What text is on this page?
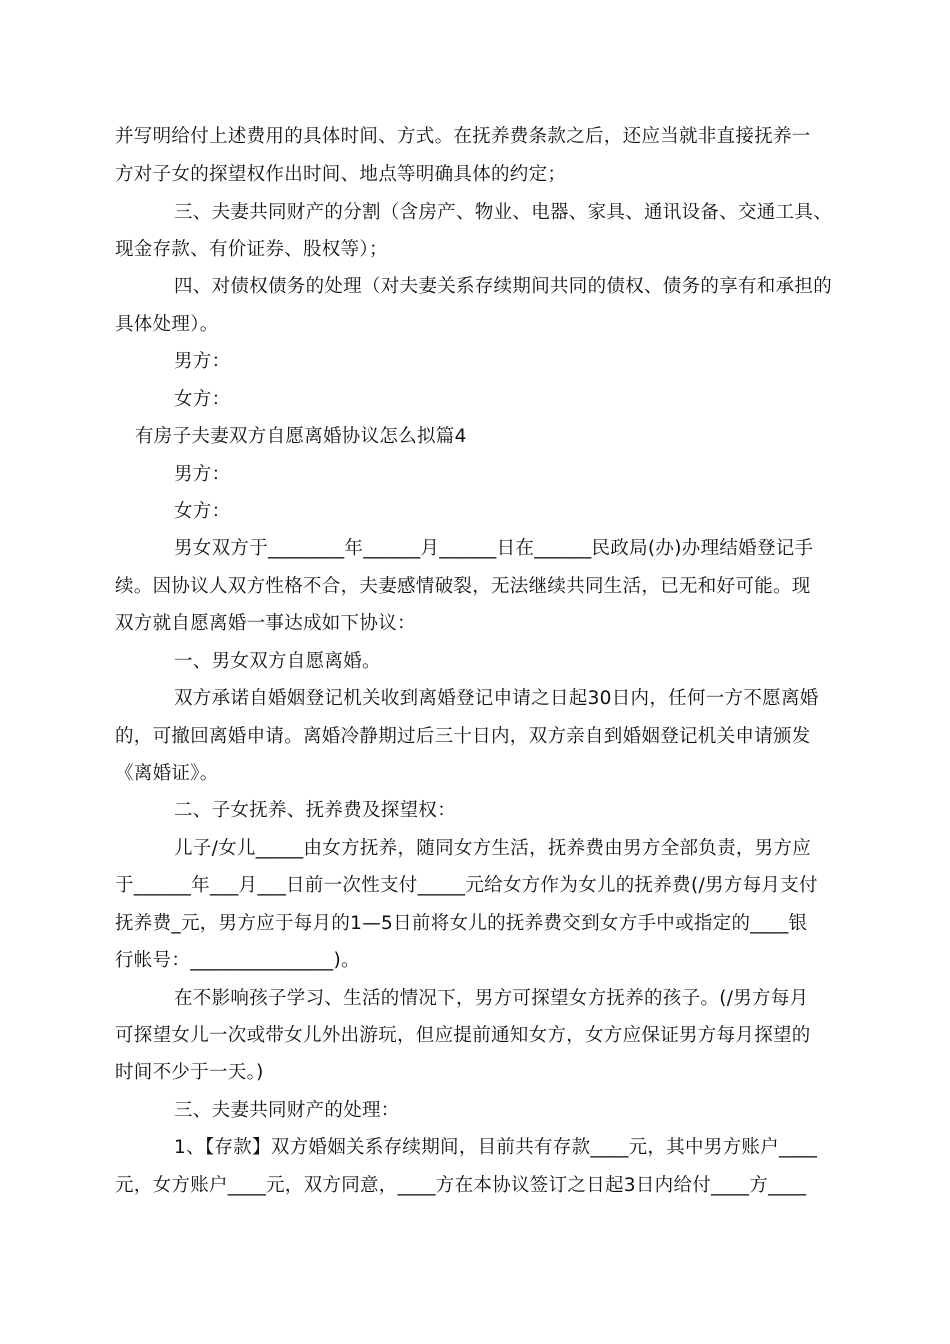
并写明给付上述费用的具体时间、方式。在抚养费条款之后，还应当就非直接抚养一
方对子女的探望权作出时间、地点等明确具体的约定；
三、夫妻共同财产的分割（含房产、物业、电器、家具、通讯设备、交通工具、
现金存款、有价证券、股权等）；
四、对债权债务的处理（对夫妻关系存续期间共同的债权、债务的享有和承担的
具体处理）。
男方：
女方：
有房子夫妻双方自愿离婚协议怎么拟篇4
男方：
女方：
男女双方于________年______月______日在______民政局(办)办理结婚登记手
续。因协议人双方性格不合，夫妻感情破裂，无法继续共同生活，已无和好可能。现
双方就自愿离婚一事达成如下协议：
一、男女双方自愿离婚。
双方承诺自婚姻登记机关收到离婚登记申请之日起30日内，任何一方不愿离婚
的，可撤回离婚申请。离婚冷静期过后三十日内，双方亲自到婚姻登记机关申请颁发
《离婚证》。
二、子女抚养、抚养费及探望权：
儿子/女儿_____由女方抚养，随同女方生活，抚养费由男方全部负责，男方应
于______年___月___日前一次性支付_____元给女方作为女儿的抚养费(/男方每月支付
抚养费_元，男方应于每月的1—5日前将女儿的抚养费交到女方手中或指定的____银
行帐号：_______________)。
在不影响孩子学习、生活的情况下，男方可探望女方抚养的孩子。(/男方每月
可探望女儿一次或带女儿外出游玩，但应提前通知女方，女方应保证男方每月探望的
时间不少于一天。)
三、夫妻共同财产的处理：
1、【存款】双方婚姻关系存续期间，目前共有存款____元，其中男方账户____
元，女方账户____元，双方同意，____方在本协议签订之日起3日内给付____方____
